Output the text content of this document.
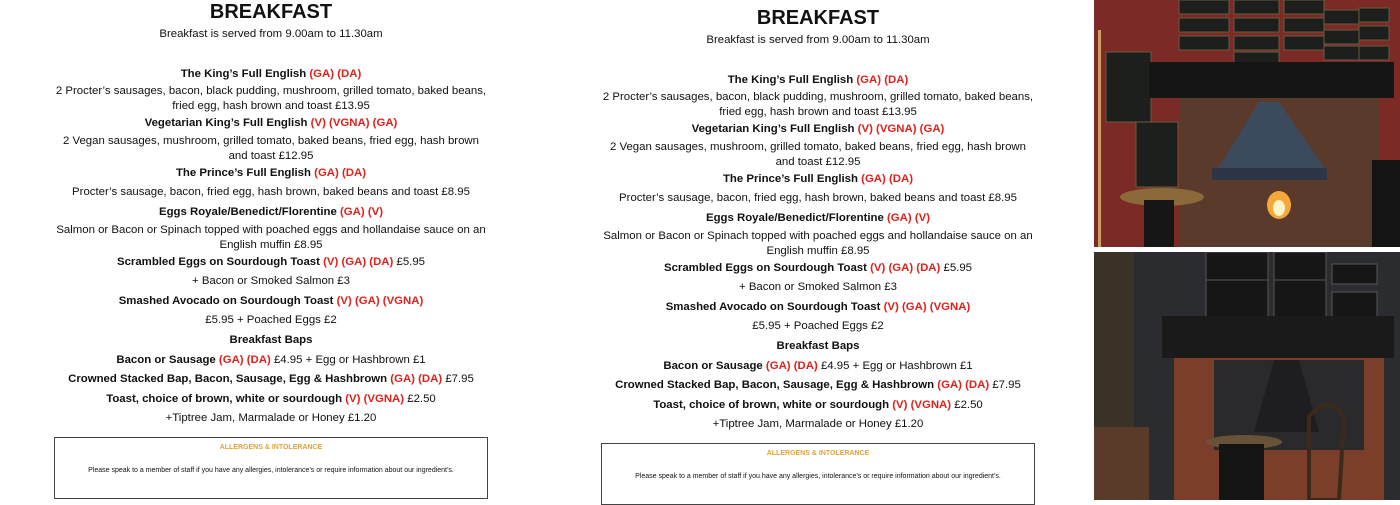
BREAKFAST
Breakfast is served from 9.00am to 11.30am
The King’s Full English (GA) (DA)
2 Procter’s sausages, bacon, black pudding, mushroom, grilled tomato, baked beans,
fried egg, hash brown and toast £13.95
Vegetarian King’s Full English (V) (VGNA) (GA)
2 Vegan sausages, mushroom, grilled tomato, baked beans, fried egg, hash brown
and toast £12.95
The Prince’s Full English (GA) (DA)
Procter’s sausage, bacon, fried egg, hash brown, baked beans and toast £8.95
Eggs Royale/Benedict/Florentine (GA) (V)
Salmon or Bacon or Spinach topped with poached eggs and hollandaise sauce on an
English muffin £8.95
Scrambled Eggs on Sourdough Toast (V) (GA) (DA) £5.95
+ Bacon or Smoked Salmon £3
Smashed Avocado on Sourdough Toast (V) (GA) (VGNA)
£5.95 + Poached Eggs £2
Breakfast Baps
Bacon or Sausage (GA) (DA) £4.95 + Egg or Hashbrown £1
Crowned Stacked Bap, Bacon, Sausage, Egg & Hashbrown (GA) (DA) £7.95
Toast, choice of brown, white or sourdough (V) (VGNA) £2.50
+Tiptree Jam, Marmalade or Honey £1.20
ALLERGENS & INTOLERANCE
Please speak to a member of staff if you have any allergies, intolerance’s or require information about our ingredient’s.
BREAKFAST
Breakfast is served from 9.00am to 11.30am
The King’s Full English (GA) (DA)
2 Procter’s sausages, bacon, black pudding, mushroom, grilled tomato, baked beans,
fried egg, hash brown and toast £13.95
Vegetarian King’s Full English (V) (VGNA) (GA)
2 Vegan sausages, mushroom, grilled tomato, baked beans, fried egg, hash brown
and toast £12.95
The Prince’s Full English (GA) (DA)
Procter’s sausage, bacon, fried egg, hash brown, baked beans and toast £8.95
Eggs Royale/Benedict/Florentine (GA) (V)
Salmon or Bacon or Spinach topped with poached eggs and hollandaise sauce on an
English muffin £8.95
Scrambled Eggs on Sourdough Toast (V) (GA) (DA) £5.95
+ Bacon or Smoked Salmon £3
Smashed Avocado on Sourdough Toast (V) (GA) (VGNA)
£5.95 + Poached Eggs £2
Breakfast Baps
Bacon or Sausage (GA) (DA) £4.95 + Egg or Hashbrown £1
Crowned Stacked Bap, Bacon, Sausage, Egg & Hashbrown (GA) (DA) £7.95
Toast, choice of brown, white or sourdough (V) (VGNA) £2.50
+Tiptree Jam, Marmalade or Honey £1.20
ALLERGENS & INTOLERANCE
Please speak to a member of staff if you have any allergies, intolerance’s or require information about our ingredient’s.
